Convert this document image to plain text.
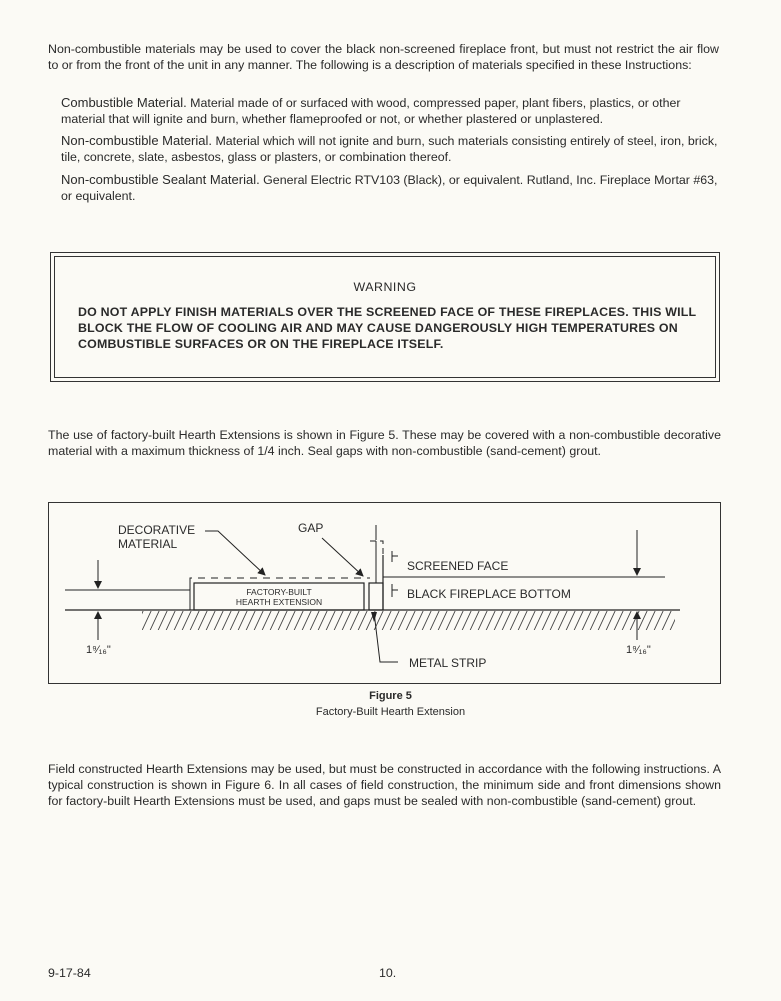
Non-combustible materials may be used to cover the black non-screened fireplace front, but must not restrict the air flow to or from the front of the unit in any manner. The following is a description of materials specified in these Instructions:

Combustible Material. Material made of or surfaced with wood, compressed paper, plant fibers, plastics, or other material that will ignite and burn, whether flameproofed or not, or whether plastered or unplastered.

Non-combustible Material. Material which will not ignite and burn, such materials consisting entirely of steel, iron, brick, tile, concrete, slate, asbestos, glass or plasters, or combination thereof.

Non-combustible Sealant Material. General Electric RTV103 (Black), or equivalent. Rutland, Inc. Fireplace Mortar #63, or equivalent.

WARNING

DO NOT APPLY FINISH MATERIALS OVER THE SCREENED FACE OF THESE FIREPLACES. THIS WILL BLOCK THE FLOW OF COOLING AIR AND MAY CAUSE DANGEROUSLY HIGH TEMPERATURES ON COMBUSTIBLE SURFACES OR ON THE FIREPLACE ITSELF.

The use of factory-built Hearth Extensions is shown in Figure 5. These may be covered with a non-combustible decorative material with a maximum thickness of 1/4 inch. Seal gaps with non-combustible (sand-cement) grout.

DECORATIVE
MATERIAL
GAP
SCREENED FACE
BLACK FIREPLACE BOTTOM
FACTORY-BUILT
HEARTH EXTENSION
METAL STRIP
1⁹⁄₁₆"	1⁹⁄₁₆"
Figure 5
Factory-Built Hearth Extension

Field constructed Hearth Extensions may be used, but must be constructed in accordance with the following instructions. A typical construction is shown in Figure 6. In all cases of field construction, the minimum side and front dimensions shown for factory-built Hearth Extensions must be used, and gaps must be sealed with non-combustible (sand-cement) grout.

9-17-84	10.
